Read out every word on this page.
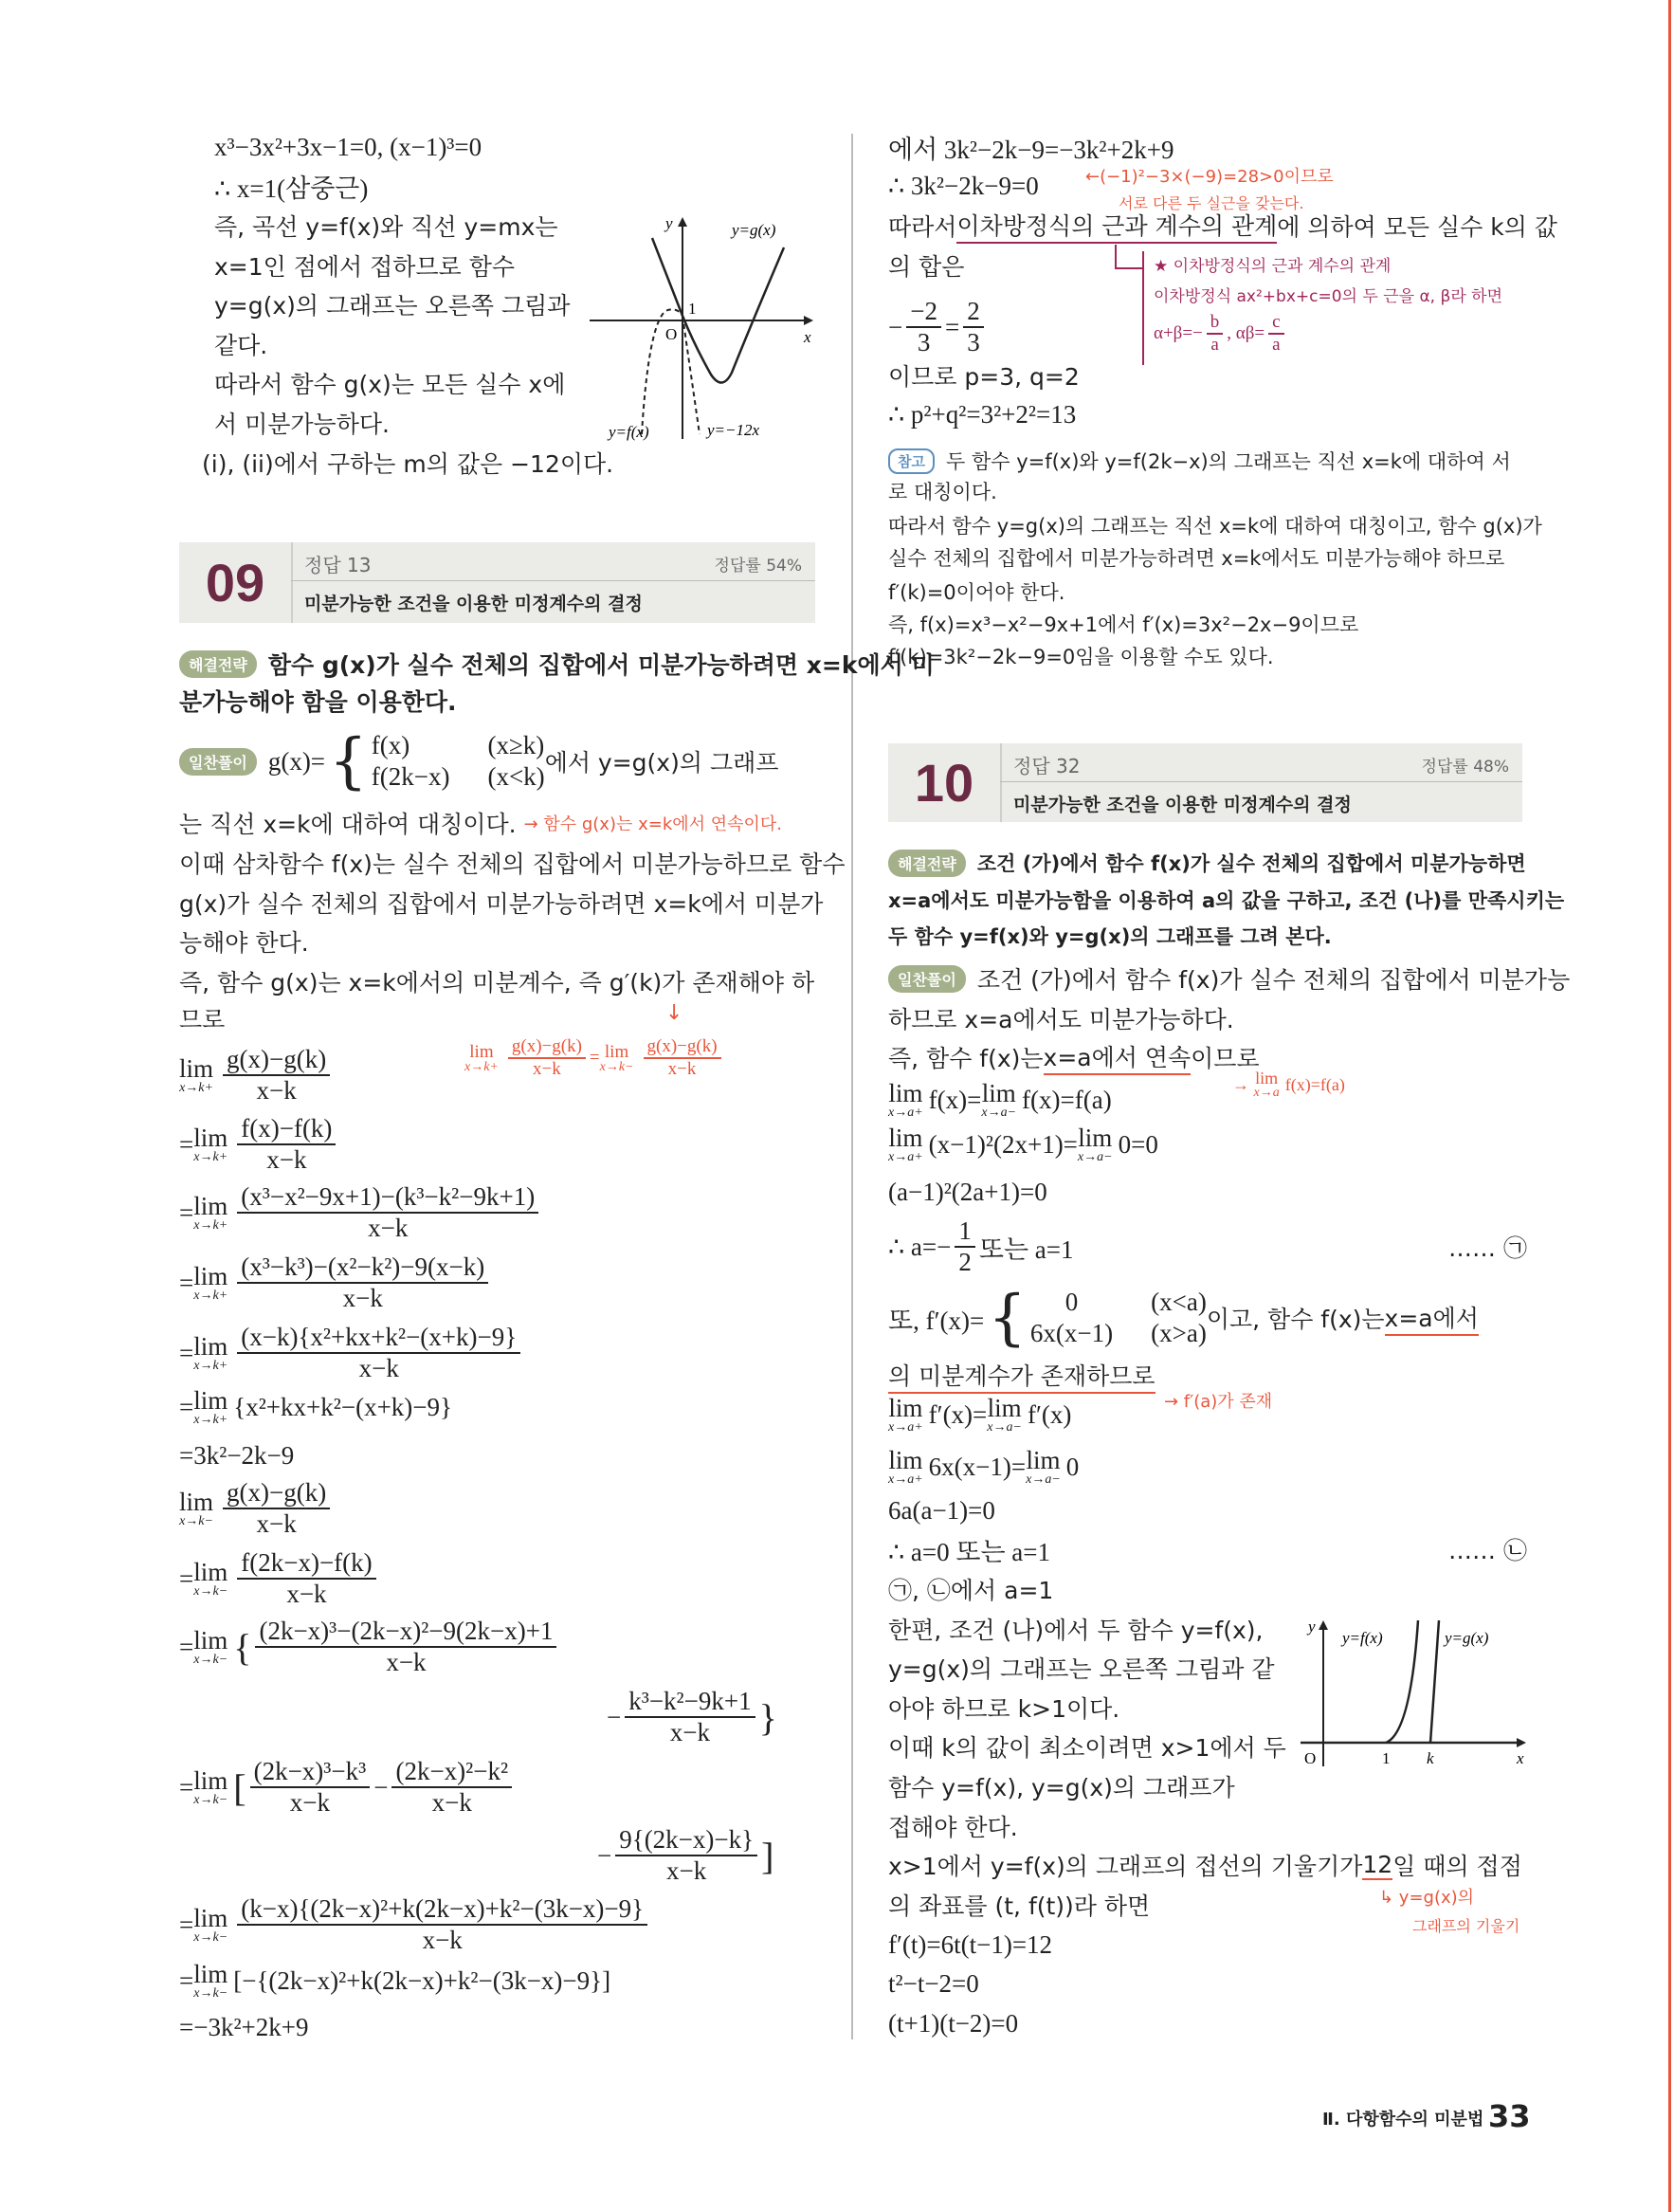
x³−3x²+3x−1=0, (x−1)³=0
∴ x=1(삼중근)
즉, 곡선 y=f(x)와 직선 y=mx는
x=1인 점에서 접하므로 함수
y=g(x)의 그래프는 오른쪽 그림과
같다.
따라서 함수 g(x)는 모든 실수 x에
서 미분가능하다.
(i), (ii)에서 구하는 m의 값은 −12이다.
y	y=g(x)
O
1
x
y=f(x)	y=−12x
09	정답 13	정답률 54%
미분가능한 조건을 이용한 미정계수의 결정
해결전략 함수 g(x)가 실수 전체의 집합에서 미분가능하려면 x=k에서 미
분가능해야 함을 이용한다.
일찬풀이 g(x)= { f(x)	(x≥k)
f(2k−x) (x<k) 에서 y=g(x)의 그래프
는 직선 x=k에 대하여 대칭이다.
→ 함수 g(x)는 x=k에서 연속이다.
이때 삼차함수 f(x)는 실수 전체의 집합에서 미분가능하므로 함수
g(x)가 실수 전체의 집합에서 미분가능하려면 x=k에서 미분가
능해야 한다.
즉, 함수 g(x)는 x=k에서의 미분계수, 즉 g′(k)가 존재해야 하
므로	↓
lim
$x\to k+ \frac{g(x)-g(k)}{x-k} = \lim$
$x\to k- \frac{g(x)-g(k)}{x-k}$
lim
$x\to k+ \frac{g(x)-g(k)}{x-k}$
= lim
$x\to k+ \frac{f(x)-f(k)}{x-k}$
= lim
$x\to k+ \frac{\text{(x³−x²−9x+1)−(k³−k²−9k+1)}}{x-k}$
= lim
$x\to k+ \frac{\text{(x³−k³)−(x²−k²)−9(x−k)}}{x-k}$
= lim
$x\to k+ \frac{\text{(x−k)\{x²+kx+k²−(x+k)−9\}}}{x-k}$
= lim
x→k+ {x²+kx+k²−(x+k)−9}
=3k²−2k−9
lim
$x\to k- \frac{g(x)-g(k)}{x-k}$
= lim
$x\to k- \frac{f(2k-x)-f(k)}{x-k}$
= lim
x→k− { $\frac{\text{(2k−x)³−(2k−x)²−9(2k−x)+1}}{x-k}$
− $\frac{\text{k³−k²−9k+1}}{x-k}$ }
= lim
x→k− [ $\frac{\text{(2k−x)³−k³}}{x-k} - \frac{\text{(2k−x)²−k²}}{x-k}$
− $\frac{9\{(2k-x)-k\}}{x-k}$ ]
= lim
$x\to k- \frac{\text{(k−x)\{(2k−x)²+k(2k−x)+k²−(3k−x)−9\}}}{x-k}$
= lim
x→k− [−{(2k−x)²+k(2k−x)+k²−(3k−x)−9}]
=−3k²+2k+9
에서 3k²−2k−9=−3k²+2k+9
∴ 3k²−2k−9=0	←(−1)²−3×(−9)=28>0이므로
서로 다른 두 실근을 갖는다.
따라서 이차방정식의 근과 계수의 관계 에 의하여 모든 실수 k의 값
의 합은	★ 이차방정식의 근과 계수의 관계
이차방정식 ax²+bx+c=0의 두 근을 α, β라 하면
$\alpha+\beta=- \frac{b}{a}$ , $\alpha\beta= \frac{c}{a}$
− $\frac{-2}{3} = \frac{2}{3}$
이므로 p=3, q=2
∴ p²+q²=3²+2²=13
참고	두 함수 y=f(x)와 y=f(2k−x)의 그래프는 직선 x=k에 대하여 서
로 대칭이다.
따라서 함수 y=g(x)의 그래프는 직선 x=k에 대하여 대칭이고, 함수 g(x)가
실수 전체의 집합에서 미분가능하려면 x=k에서도 미분가능해야 하므로
f′(k)=0이어야 한다.
즉, f(x)=x³−x²−9x+1에서 f′(x)=3x²−2x−9이므로
f′(k)=3k²−2k−9=0임을 이용할 수도 있다.
10	정답 32	정답률 48%
미분가능한 조건을 이용한 미정계수의 결정
해결전략	조건 (가)에서 함수 f(x)가 실수 전체의 집합에서 미분가능하면
x=a에서도 미분가능함을 이용하여 a의 값을 구하고, 조건 (나)를 만족시키는
두 함수 y=f(x)와 y=g(x)의 그래프를 그려 본다.
일찬풀이 조건 (가)에서 함수 f(x)가 실수 전체의 집합에서 미분가능
하므로 x=a에서도 미분가능하다.
즉, 함수 f(x)는 x=a에서 연속 이므로
→
lim
x→a f(x)=f(a)
lim
x→a+ f(x)= lim
x→a− f(x)=f(a)
lim
x→a+ (x−1)²(2x+1)= lim
x→a− 0=0
(a−1)²(2a+1)=0
∴ $a=- \frac{1}{2}$ 또는 a=1	…… ㉠
또, f′(x)= {	0	(x<a)
6x(x−1) (x>a) 이고, 함수 f(x)는 x=a에서
의 미분계수가 존재하므로
→ f′(a)가 존재
lim
x→a+ f′(x)= lim
x→a− f′(x)
lim
x→a+ 6x(x−1)= lim
x→a− 0
6a(a−1)=0
∴ a=0 또는 a=1	…… ㉡
㉠, ㉡에서 a=1
한편, 조건 (나)에서 두 함수 y=f(x),
y=g(x)의 그래프는 오른쪽 그림과 같
아야 하므로 k>1이다.
이때 k의 값이 최소이려면 x>1에서 두
함수 y=f(x), y=g(x)의 그래프가
접해야 한다.
x>1에서 y=f(x)의 그래프의 접선의 기울기가 12 일 때의 접점
의 좌표를 (t, f(t))라 하면	↳ y=g(x)의
그래프의 기울기
f′(t)=6t(t−1)=12
t²−t−2=0
(t+1)(t−2)=0
y
y=f(x)	y=g(x)
O	1 k	x
Ⅱ. 다항함수의 미분법 33
